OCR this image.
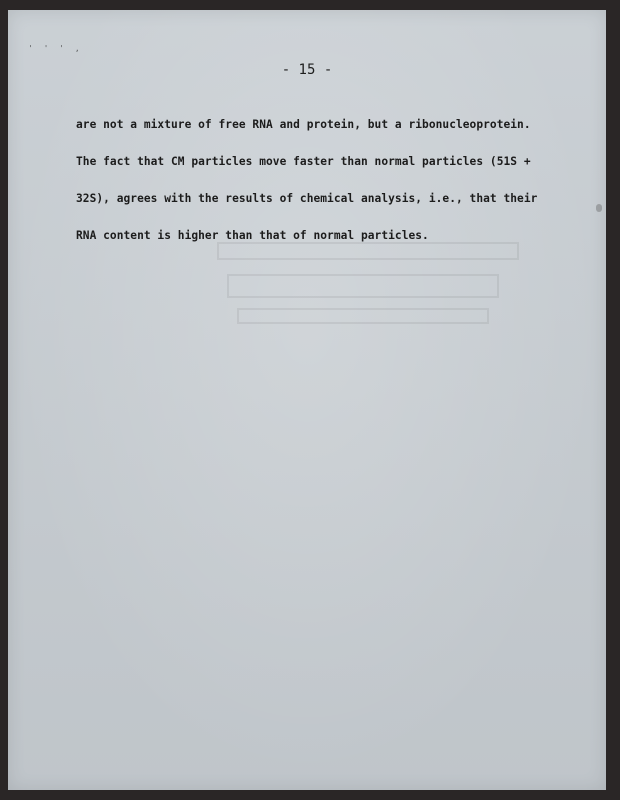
' ' ' ,
- 15 -
are not a mixture of free RNA and protein, but a ribonucleoprotein.
The fact that CM particles move faster than normal particles (51S +
32S), agrees with the results of chemical analysis, i.e., that their
RNA content is higher than that of normal particles.
